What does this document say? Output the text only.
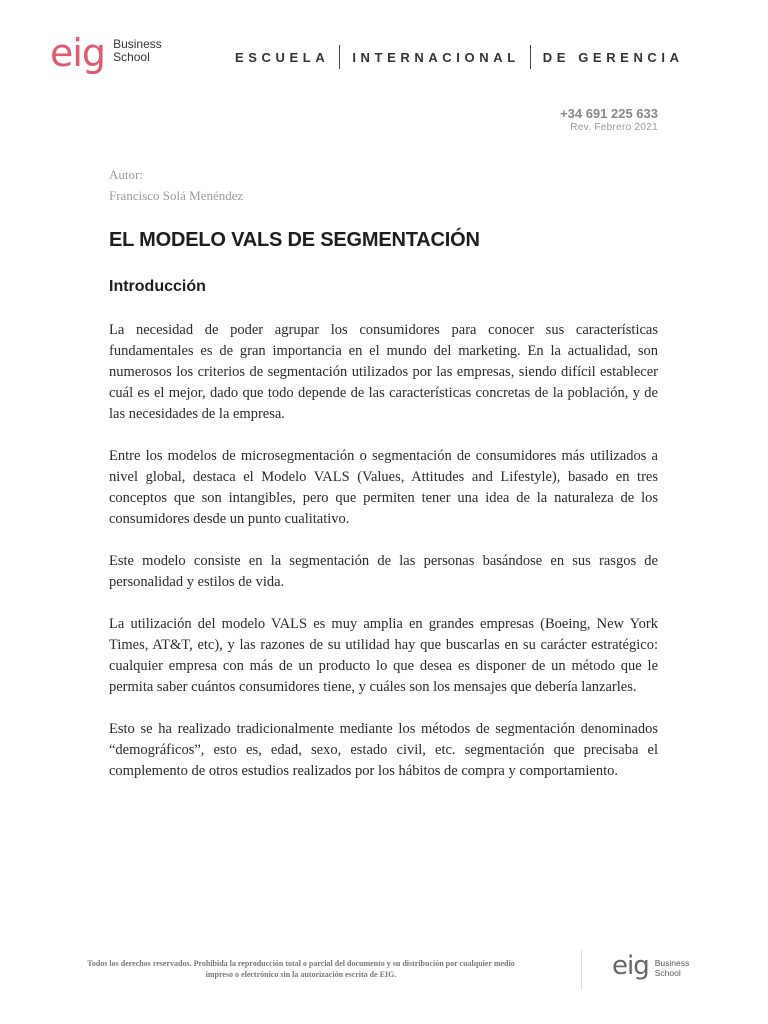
eig Business
School	ESCUELA INTERNACIONAL DE GERENCIA
+34 691 225 633
Rev. Febrero 2021
Autor:
Francisco Solá Menéndez
EL MODELO VALS DE SEGMENTACIÓN
Introducción

La necesidad de poder agrupar los consumidores para conocer sus características fundamentales es de gran importancia en el mundo del marketing. En la actualidad, son numerosos los criterios de segmentación utilizados por las empresas, siendo difícil establecer cuál es el mejor, dado que todo depende de las características concretas de la población, y de las necesidades de la empresa.

Entre los modelos de microsegmentación o segmentación de consumidores más utilizados a nivel global, destaca el Modelo VALS (Values, Attitudes and Lifestyle), basado en tres conceptos que son intangibles, pero que permiten tener una idea de la naturaleza de los consumidores desde un punto cualitativo.

Este modelo consiste en la segmentación de las personas basándose en sus rasgos de personalidad y estilos de vida.

La utilización del modelo VALS es muy amplia en grandes empresas (Boeing, New York Times, AT&T, etc), y las razones de su utilidad hay que buscarlas en su carácter estratégico: cualquier empresa con más de un producto lo que desea es disponer de un método que le permita saber cuántos consumidores tiene, y cuáles son los mensajes que debería lanzarles.

Esto se ha realizado tradicionalmente mediante los métodos de segmentación denominados “demográficos”, esto es, edad, sexo, estado civil, etc. segmentación que precisaba el complemento de otros estudios realizados por los hábitos de compra y comportamiento.

Todos los derechos reservados. Prohibida la reproducción total o parcial del documento y su distribución por cualquier medio
impreso o electrónico sin la autorización escrita de EIG.	eig Business
School
